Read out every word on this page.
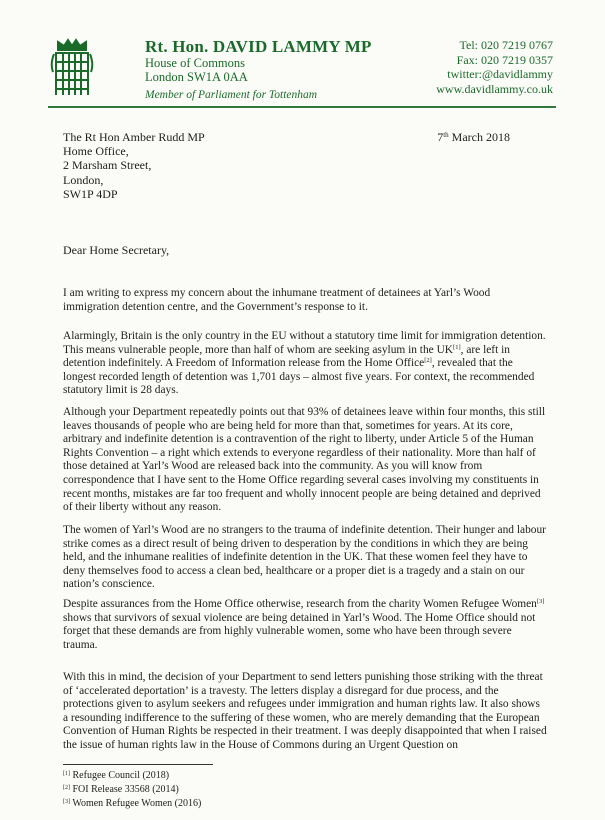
Rt. Hon. DAVID LAMMY MP
House of Commons
London SW1A 0AA
Member of Parliament for Tottenham
Tel: 020 7219 0767
Fax: 020 7219 0357
twitter:@davidlammy
www.davidlammy.co.uk
The Rt Hon Amber Rudd MP
Home Office,
2 Marsham Street,
London,
SW1P 4DP
7th March 2018
Dear Home Secretary,

I am writing to express my concern about the inhumane treatment of detainees at Yarl’s Wood immigration detention centre, and the Government’s response to it.

Alarmingly, Britain is the only country in the EU without a statutory time limit for immigration detention. This means vulnerable people, more than half of whom are seeking asylum in the UK[1], are left in detention indefinitely. A Freedom of Information release from the Home Office[2], revealed that the longest recorded length of detention was 1,701 days – almost five years. For context, the recommended statutory limit is 28 days.

Although your Department repeatedly points out that 93% of detainees leave within four months, this still leaves thousands of people who are being held for more than that, sometimes for years. At its core, arbitrary and indefinite detention is a contravention of the right to liberty, under Article 5 of the Human Rights Convention – a right which extends to everyone regardless of their nationality. More than half of those detained at Yarl’s Wood are released back into the community. As you will know from correspondence that I have sent to the Home Office regarding several cases involving my constituents in recent months, mistakes are far too frequent and wholly innocent people are being detained and deprived of their liberty without any reason.

The women of Yarl’s Wood are no strangers to the trauma of indefinite detention. Their hunger and labour strike comes as a direct result of being driven to desperation by the conditions in which they are being held, and the inhumane realities of indefinite detention in the UK. That these women feel they have to deny themselves food to access a clean bed, healthcare or a proper diet is a tragedy and a stain on our nation’s conscience.

Despite assurances from the Home Office otherwise, research from the charity Women Refugee Women[3] shows that survivors of sexual violence are being detained in Yarl’s Wood. The Home Office should not forget that these demands are from highly vulnerable women, some who have been through severe trauma.

With this in mind, the decision of your Department to send letters punishing those striking with the threat of ‘accelerated deportation’ is a travesty. The letters display a disregard for due process, and the protections given to asylum seekers and refugees under immigration and human rights law. It also shows a resounding indifference to the suffering of these women, who are merely demanding that the European Convention of Human Rights be respected in their treatment. I was deeply disappointed that when I raised the issue of human rights law in the House of Commons during an Urgent Question on

[1] Refugee Council (2018)
[2] FOI Release 33568 (2014)
[3] Women Refugee Women (2016)
